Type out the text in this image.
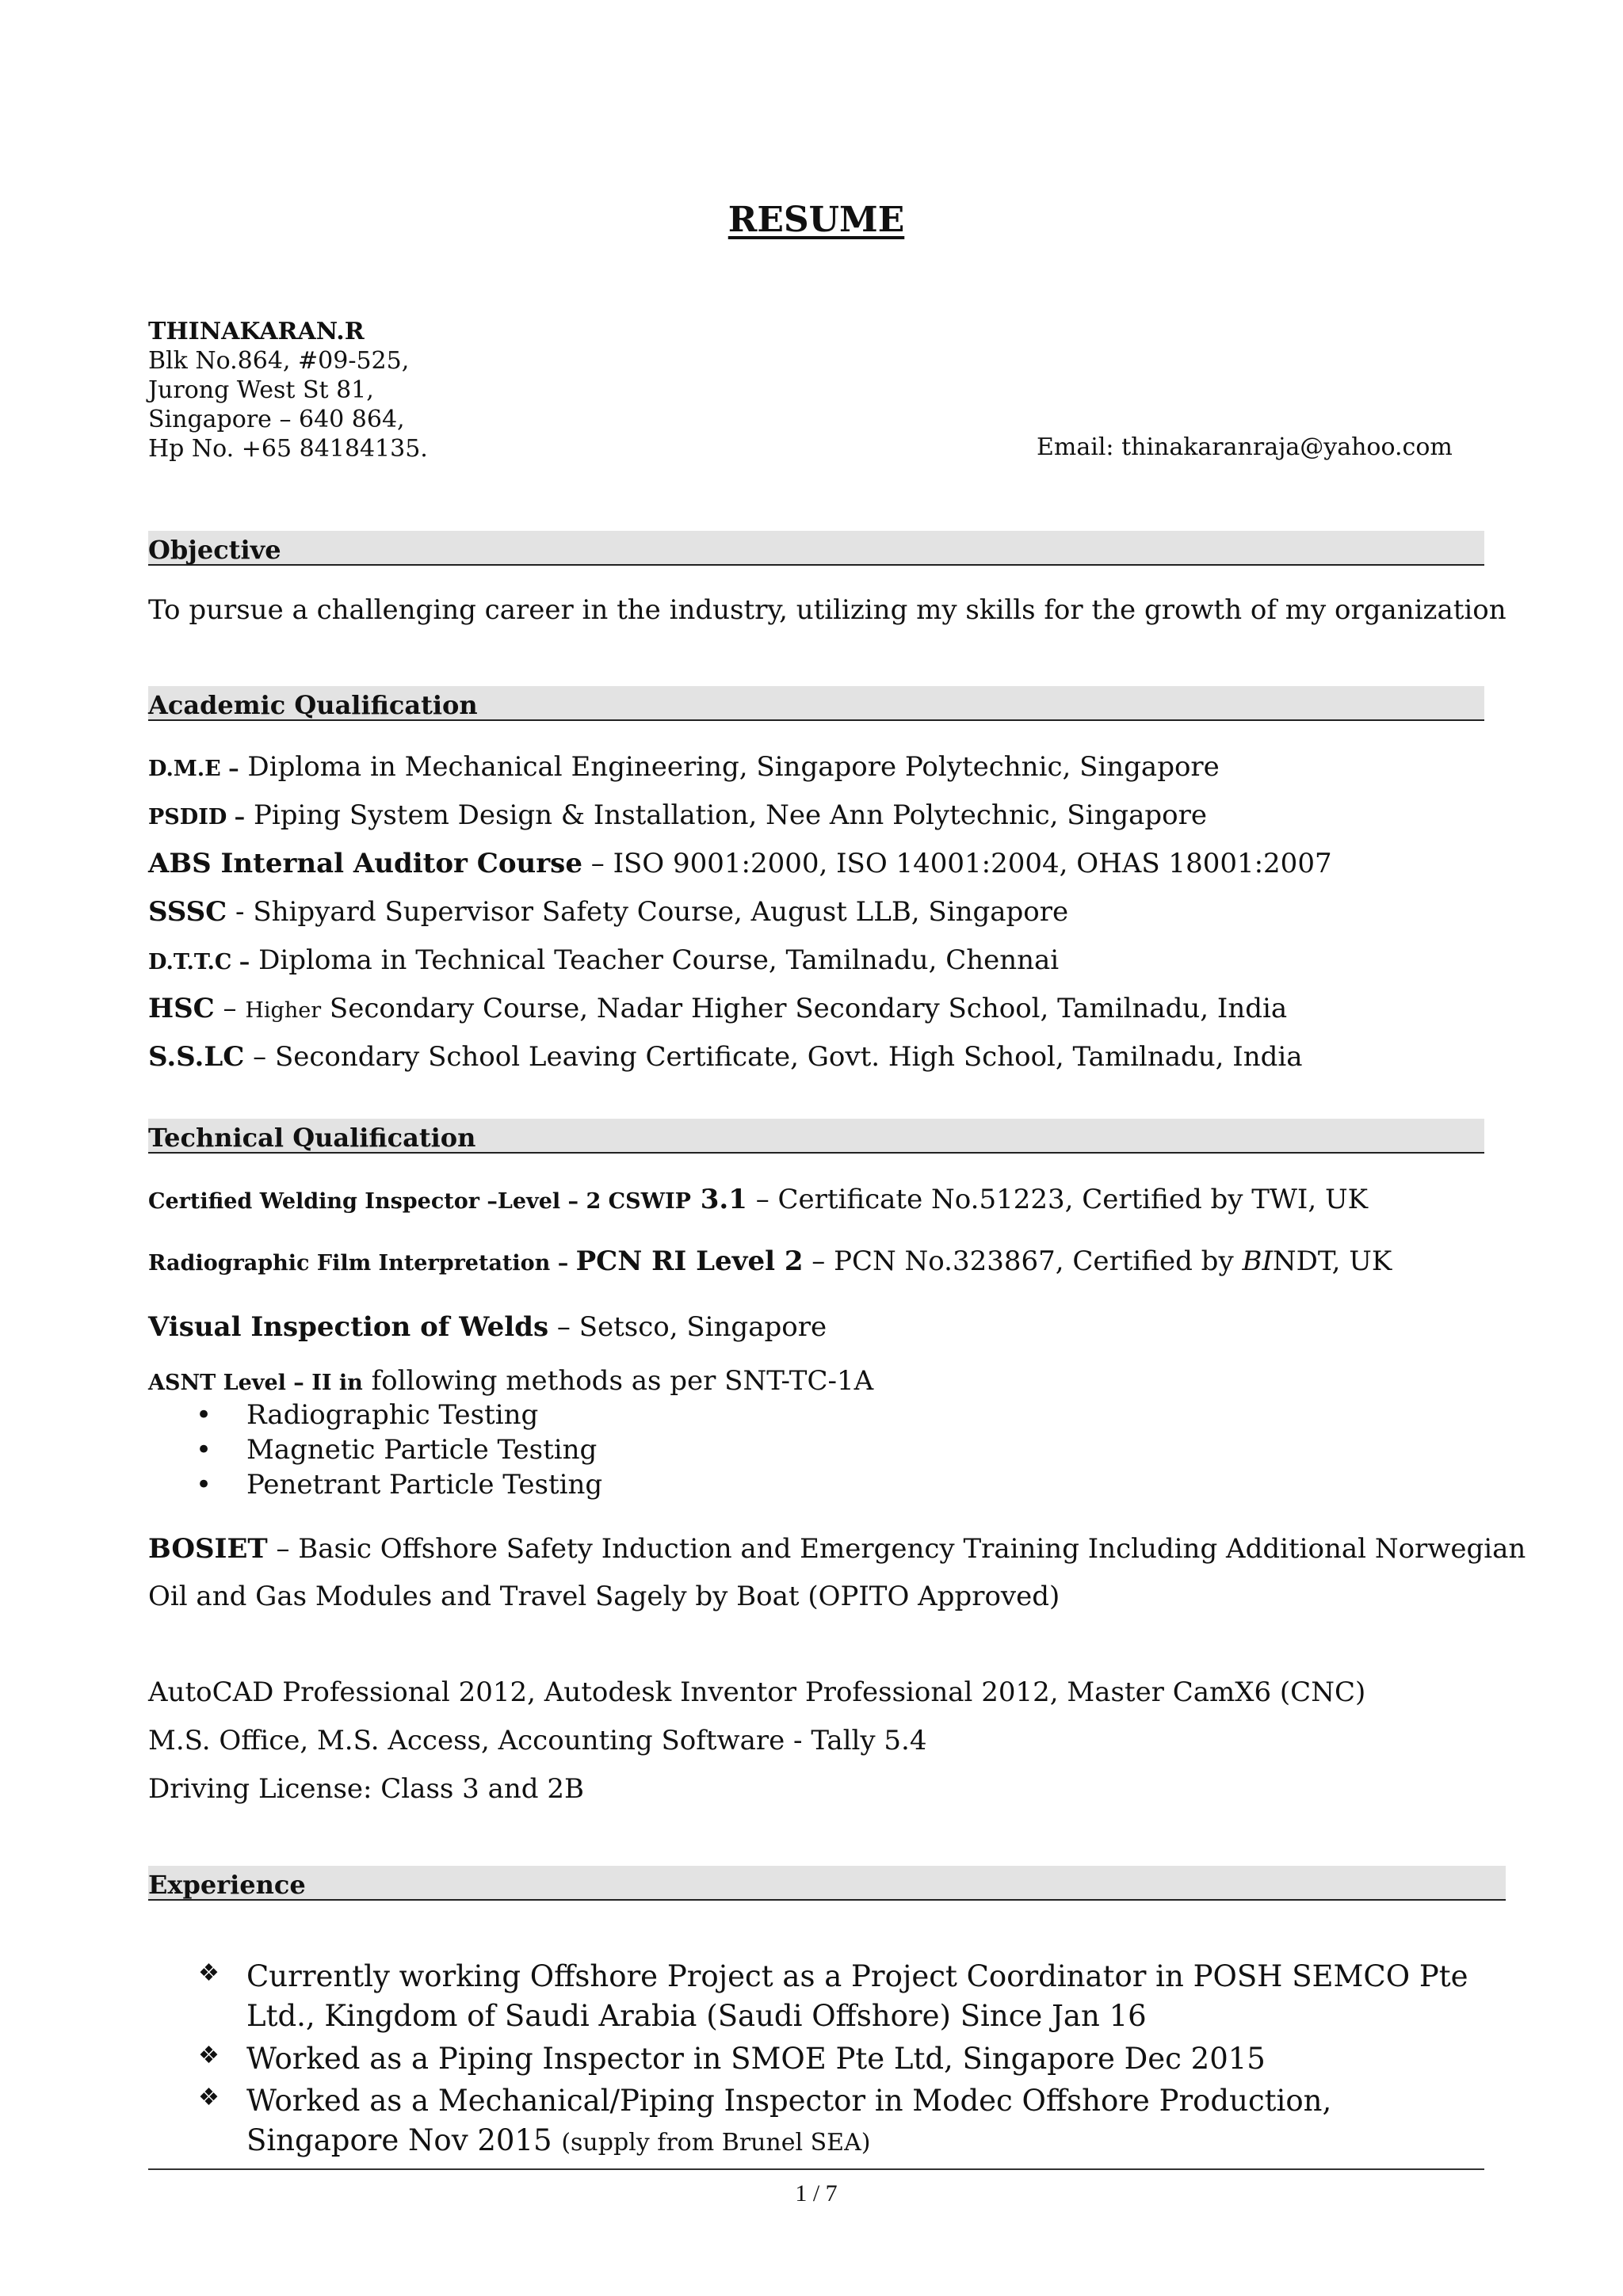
RESUME
THINAKARAN.R
Blk No.864, #09-525,
Jurong West St 81,
Singapore – 640 864,
Hp No. +65 84184135.	Email: thinakaranraja@yahoo.com
Objective
To pursue a challenging career in the industry, utilizing my skills for the growth of my organization
Academic Qualification
D.M.E – Diploma in Mechanical Engineering, Singapore Polytechnic, Singapore
PSDID – Piping System Design & Installation, Nee Ann Polytechnic, Singapore
ABS Internal Auditor Course – ISO 9001:2000, ISO 14001:2004, OHAS 18001:2007
SSSC - Shipyard Supervisor Safety Course, August LLB, Singapore
D.T.T.C – Diploma in Technical Teacher Course, Tamilnadu, Chennai
HSC – Higher Secondary Course, Nadar Higher Secondary School, Tamilnadu, India
S.S.LC – Secondary School Leaving Certificate, Govt. High School, Tamilnadu, India
Technical Qualification
Certified Welding Inspector –Level – 2 CSWIP 3.1 – Certificate No.51223, Certified by TWI, UK
Radiographic Film Interpretation – PCN RI Level 2 – PCN No.323867, Certified by BINDT, UK
Visual Inspection of Welds – Setsco, Singapore
ASNT Level – II in following methods as per SNT-TC-1A
• Radiographic Testing
• Magnetic Particle Testing
• Penetrant Particle Testing
BOSIET – Basic Offshore Safety Induction and Emergency Training Including Additional Norwegian
Oil and Gas Modules and Travel Sagely by Boat (OPITO Approved)
AutoCAD Professional 2012, Autodesk Inventor Professional 2012, Master CamX6 (CNC)
M.S. Office, M.S. Access, Accounting Software - Tally 5.4
Driving License: Class 3 and 2B
Experience
❖ Currently working Offshore Project as a Project Coordinator in POSH SEMCO Pte Ltd., Kingdom of Saudi Arabia (Saudi Offshore) Since Jan 16
❖ Worked as a Piping Inspector in SMOE Pte Ltd, Singapore Dec 2015
❖ Worked as a Mechanical/Piping Inspector in Modec Offshore Production, Singapore Nov 2015 (supply from Brunel SEA)
1 / 7
